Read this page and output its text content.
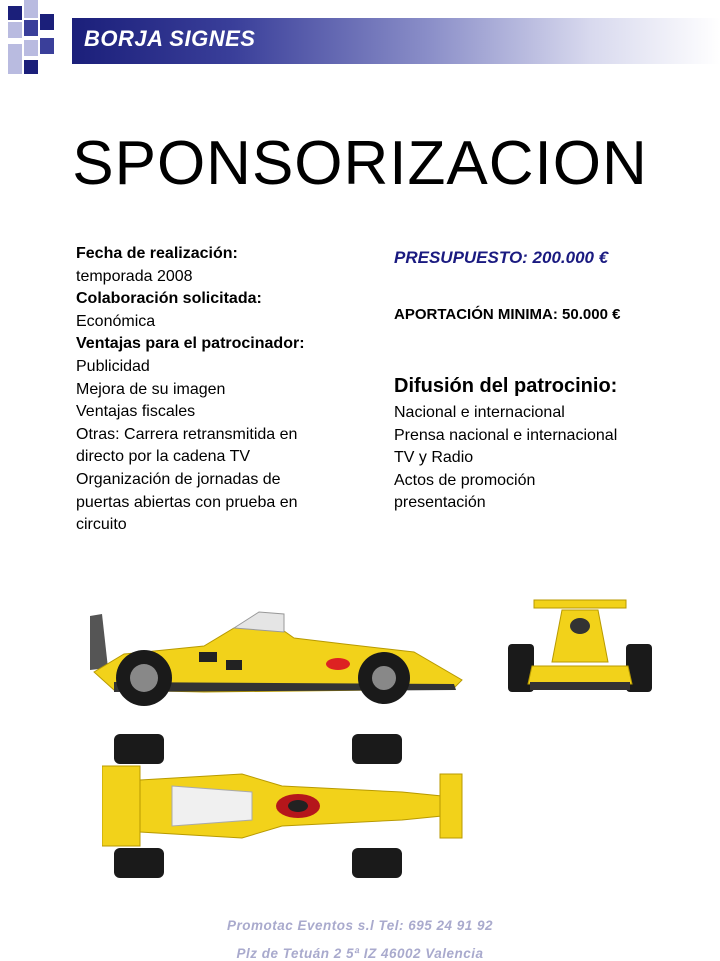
BORJA SIGNES
SPONSORIZACION
Fecha de realización:
temporada 2008
Colaboración solicitada:
Económica
Ventajas para el patrocinador:
Publicidad
Mejora de su imagen
Ventajas fiscales
Otras: Carrera retransmitida en
directo por la cadena TV
Organización de jornadas de
puertas abiertas con prueba en
circuito
PRESUPUESTO: 200.000 €
APORTACIÓN MINIMA: 50.000 €
Difusión del patrocinio:
Nacional e internacional
Prensa nacional e internacional
TV y Radio
Actos de promoción
presentación
Promotac Eventos s.l Tel: 695 24 91 92
Plz de Tetuán 2 5ª IZ 46002 Valencia
